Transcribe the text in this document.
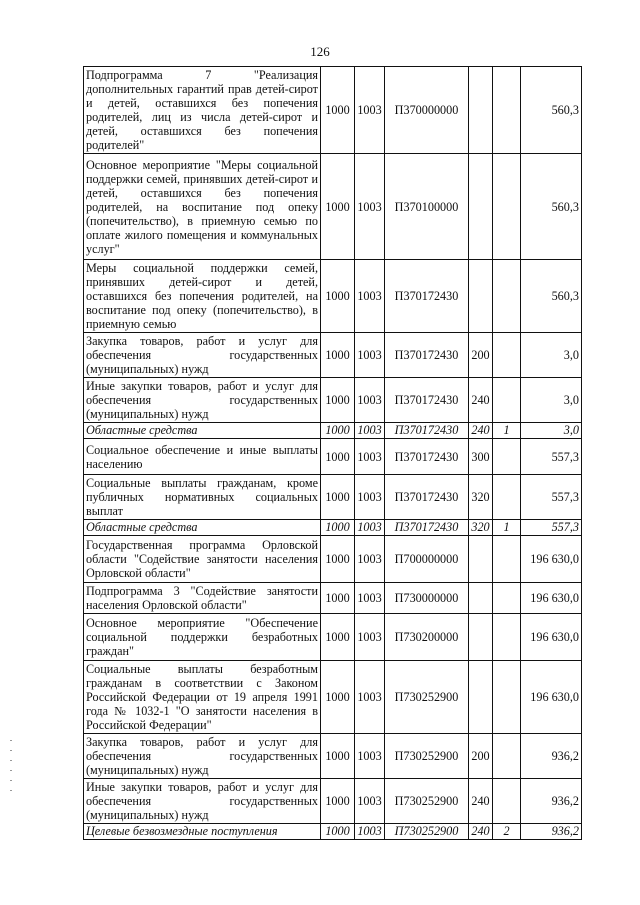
126
Подпрограмма 7 "Реализация дополнительных гарантий прав детей-сирот и детей, оставшихся без попечения родителей, лиц из числа детей-сирот и детей, оставшихся без попечения родителей"	1000	1003	П370000000			560,3
Основное мероприятие "Меры социальной поддержки семей, принявших детей-сирот и детей, оставшихся без попечения родителей, на воспитание под опеку (попечительство), в приемную семью по оплате жилого помещения и коммунальных услуг"	1000	1003	П370100000			560,3
Меры социальной поддержки семей, принявших детей-сирот и детей, оставшихся без попечения родителей, на воспитание под опеку (попечительство), в приемную семью	1000	1003	П370172430			560,3
Закупка товаров, работ и услуг для обеспечения государственных (муниципальных) нужд	1000	1003	П370172430	200		3,0
Иные закупки товаров, работ и услуг для обеспечения государственных (муниципальных) нужд	1000	1003	П370172430	240		3,0
Областные средства	1000	1003	П370172430	240	1	3,0
Социальное обеспечение и иные выплаты населению	1000	1003	П370172430	300		557,3
Социальные выплаты гражданам, кроме публичных нормативных социальных выплат	1000	1003	П370172430	320		557,3
Областные средства	1000	1003	П370172430	320	1	557,3
Государственная программа Орловской области "Содействие занятости населения Орловской области"	1000	1003	П700000000			196 630,0
Подпрограмма 3 "Содействие занятости населения Орловской области"	1000	1003	П730000000			196 630,0
Основное мероприятие "Обеспечение социальной поддержки безработных граждан"	1000	1003	П730200000			196 630,0
Социальные выплаты безработным гражданам в соответствии с Законом Российской Федерации от 19 апреля 1991 года № 1032-1 "О занятости населения в Российской Федерации"	1000	1003	П730252900			196 630,0
Закупка товаров, работ и услуг для обеспечения государственных (муниципальных) нужд	1000	1003	П730252900	200		936,2
Иные закупки товаров, работ и услуг для обеспечения государственных (муниципальных) нужд	1000	1003	П730252900	240		936,2
Целевые безвозмездные поступления	1000	1003	П730252900	240	2	936,2
